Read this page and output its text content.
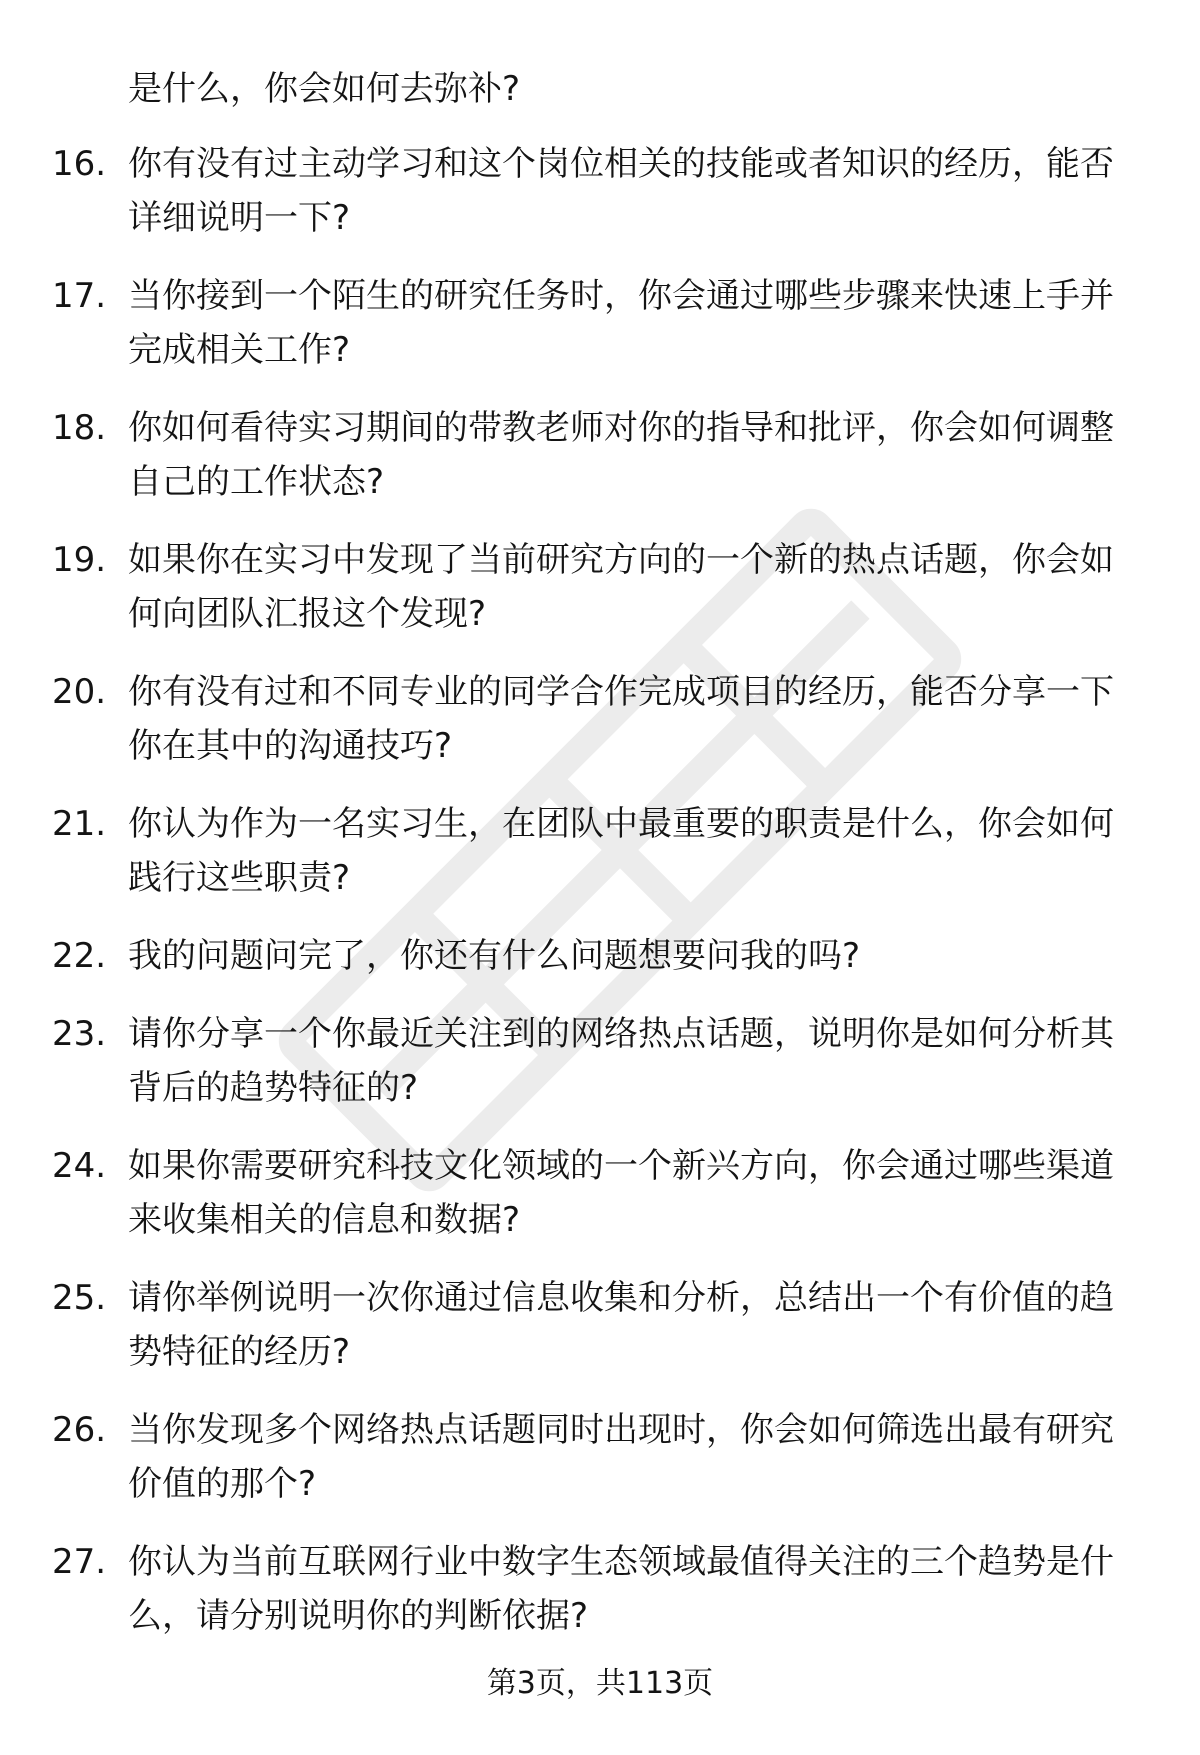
是什么，你会如何去弥补?

16. 你有没有过主动学习和这个岗位相关的技能或者知识的经历，能否详细说明一下?

17. 当你接到一个陌生的研究任务时，你会通过哪些步骤来快速上手并完成相关工作?

18. 你如何看待实习期间的带教老师对你的指导和批评，你会如何调整自己的工作状态?

19. 如果你在实习中发现了当前研究方向的一个新的热点话题，你会如何向团队汇报这个发现?

20. 你有没有过和不同专业的同学合作完成项目的经历，能否分享一下你在其中的沟通技巧?

21. 你认为作为一名实习生，在团队中最重要的职责是什么，你会如何践行这些职责?

22. 我的问题问完了，你还有什么问题想要问我的吗?

23. 请你分享一个你最近关注到的网络热点话题，说明你是如何分析其背后的趋势特征的?

24. 如果你需要研究科技文化领域的一个新兴方向，你会通过哪些渠道来收集相关的信息和数据?

25. 请你举例说明一次你通过信息收集和分析，总结出一个有价值的趋势特征的经历?

26. 当你发现多个网络热点话题同时出现时，你会如何筛选出最有研究价值的那个?

27. 你认为当前互联网行业中数字生态领域最值得关注的三个趋势是什么，请分别说明你的判断依据?

第3页，共113页
